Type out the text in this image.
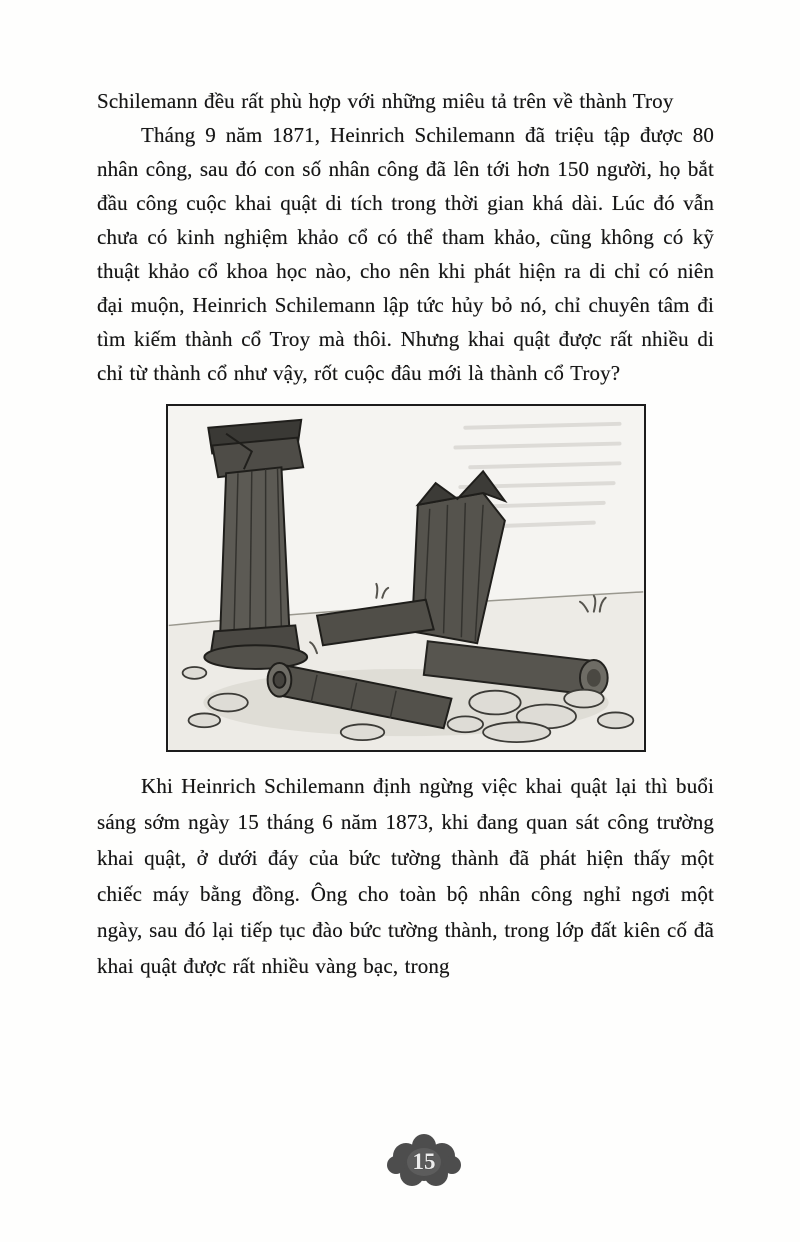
Schilemann đều rất phù hợp với những miêu tả trên về thành Troy

Tháng 9 năm 1871, Heinrich Schilemann đã triệu tập được 80 nhân công, sau đó con số nhân công đã lên tới hơn 150 người, họ bắt đầu công cuộc khai quật di tích trong thời gian khá dài. Lúc đó vẫn chưa có kinh nghiệm khảo cổ có thể tham khảo, cũng không có kỹ thuật khảo cổ khoa học nào, cho nên khi phát hiện ra di chỉ có niên đại muộn, Heinrich Schilemann lập tức hủy bỏ nó, chỉ chuyên tâm đi tìm kiếm thành cổ Troy mà thôi. Nhưng khai quật được rất nhiều di chỉ từ thành cổ như vậy, rốt cuộc đâu mới là thành cổ Troy?

Khi Heinrich Schilemann định ngừng việc khai quật lại thì buổi sáng sớm ngày 15 tháng 6 năm 1873, khi đang quan sát công trường khai quật, ở dưới đáy của bức tường thành đã phát hiện thấy một chiếc máy bằng đồng. Ông cho toàn bộ nhân công nghỉ ngơi một ngày, sau đó lại tiếp tục đào bức tường thành, trong lớp đất kiên cố đã khai quật được rất nhiều vàng bạc, trong

15
